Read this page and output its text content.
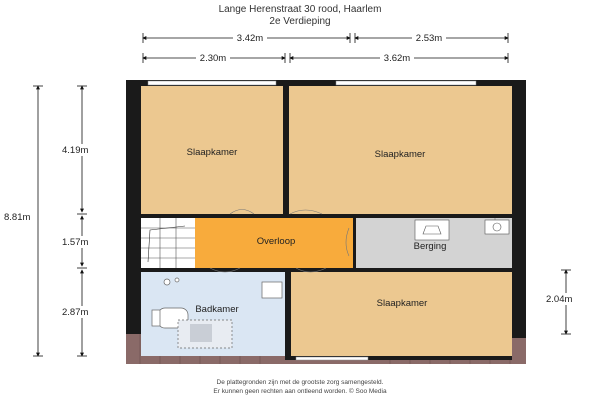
Lange Herenstraat 30 rood, Haarlem
2e Verdieping
3.42m	2.53m
2.30m	3.62m
8.81m
4.19m
1.57m
2.87m
2.04m
Slaapkamer	Slaapkamer
Overloop	Berging
Badkamer
Slaapkamer
De plattegronden zijn met de grootste zorg samengesteld.
Er kunnen geen rechten aan ontleend worden. © Soo Media
